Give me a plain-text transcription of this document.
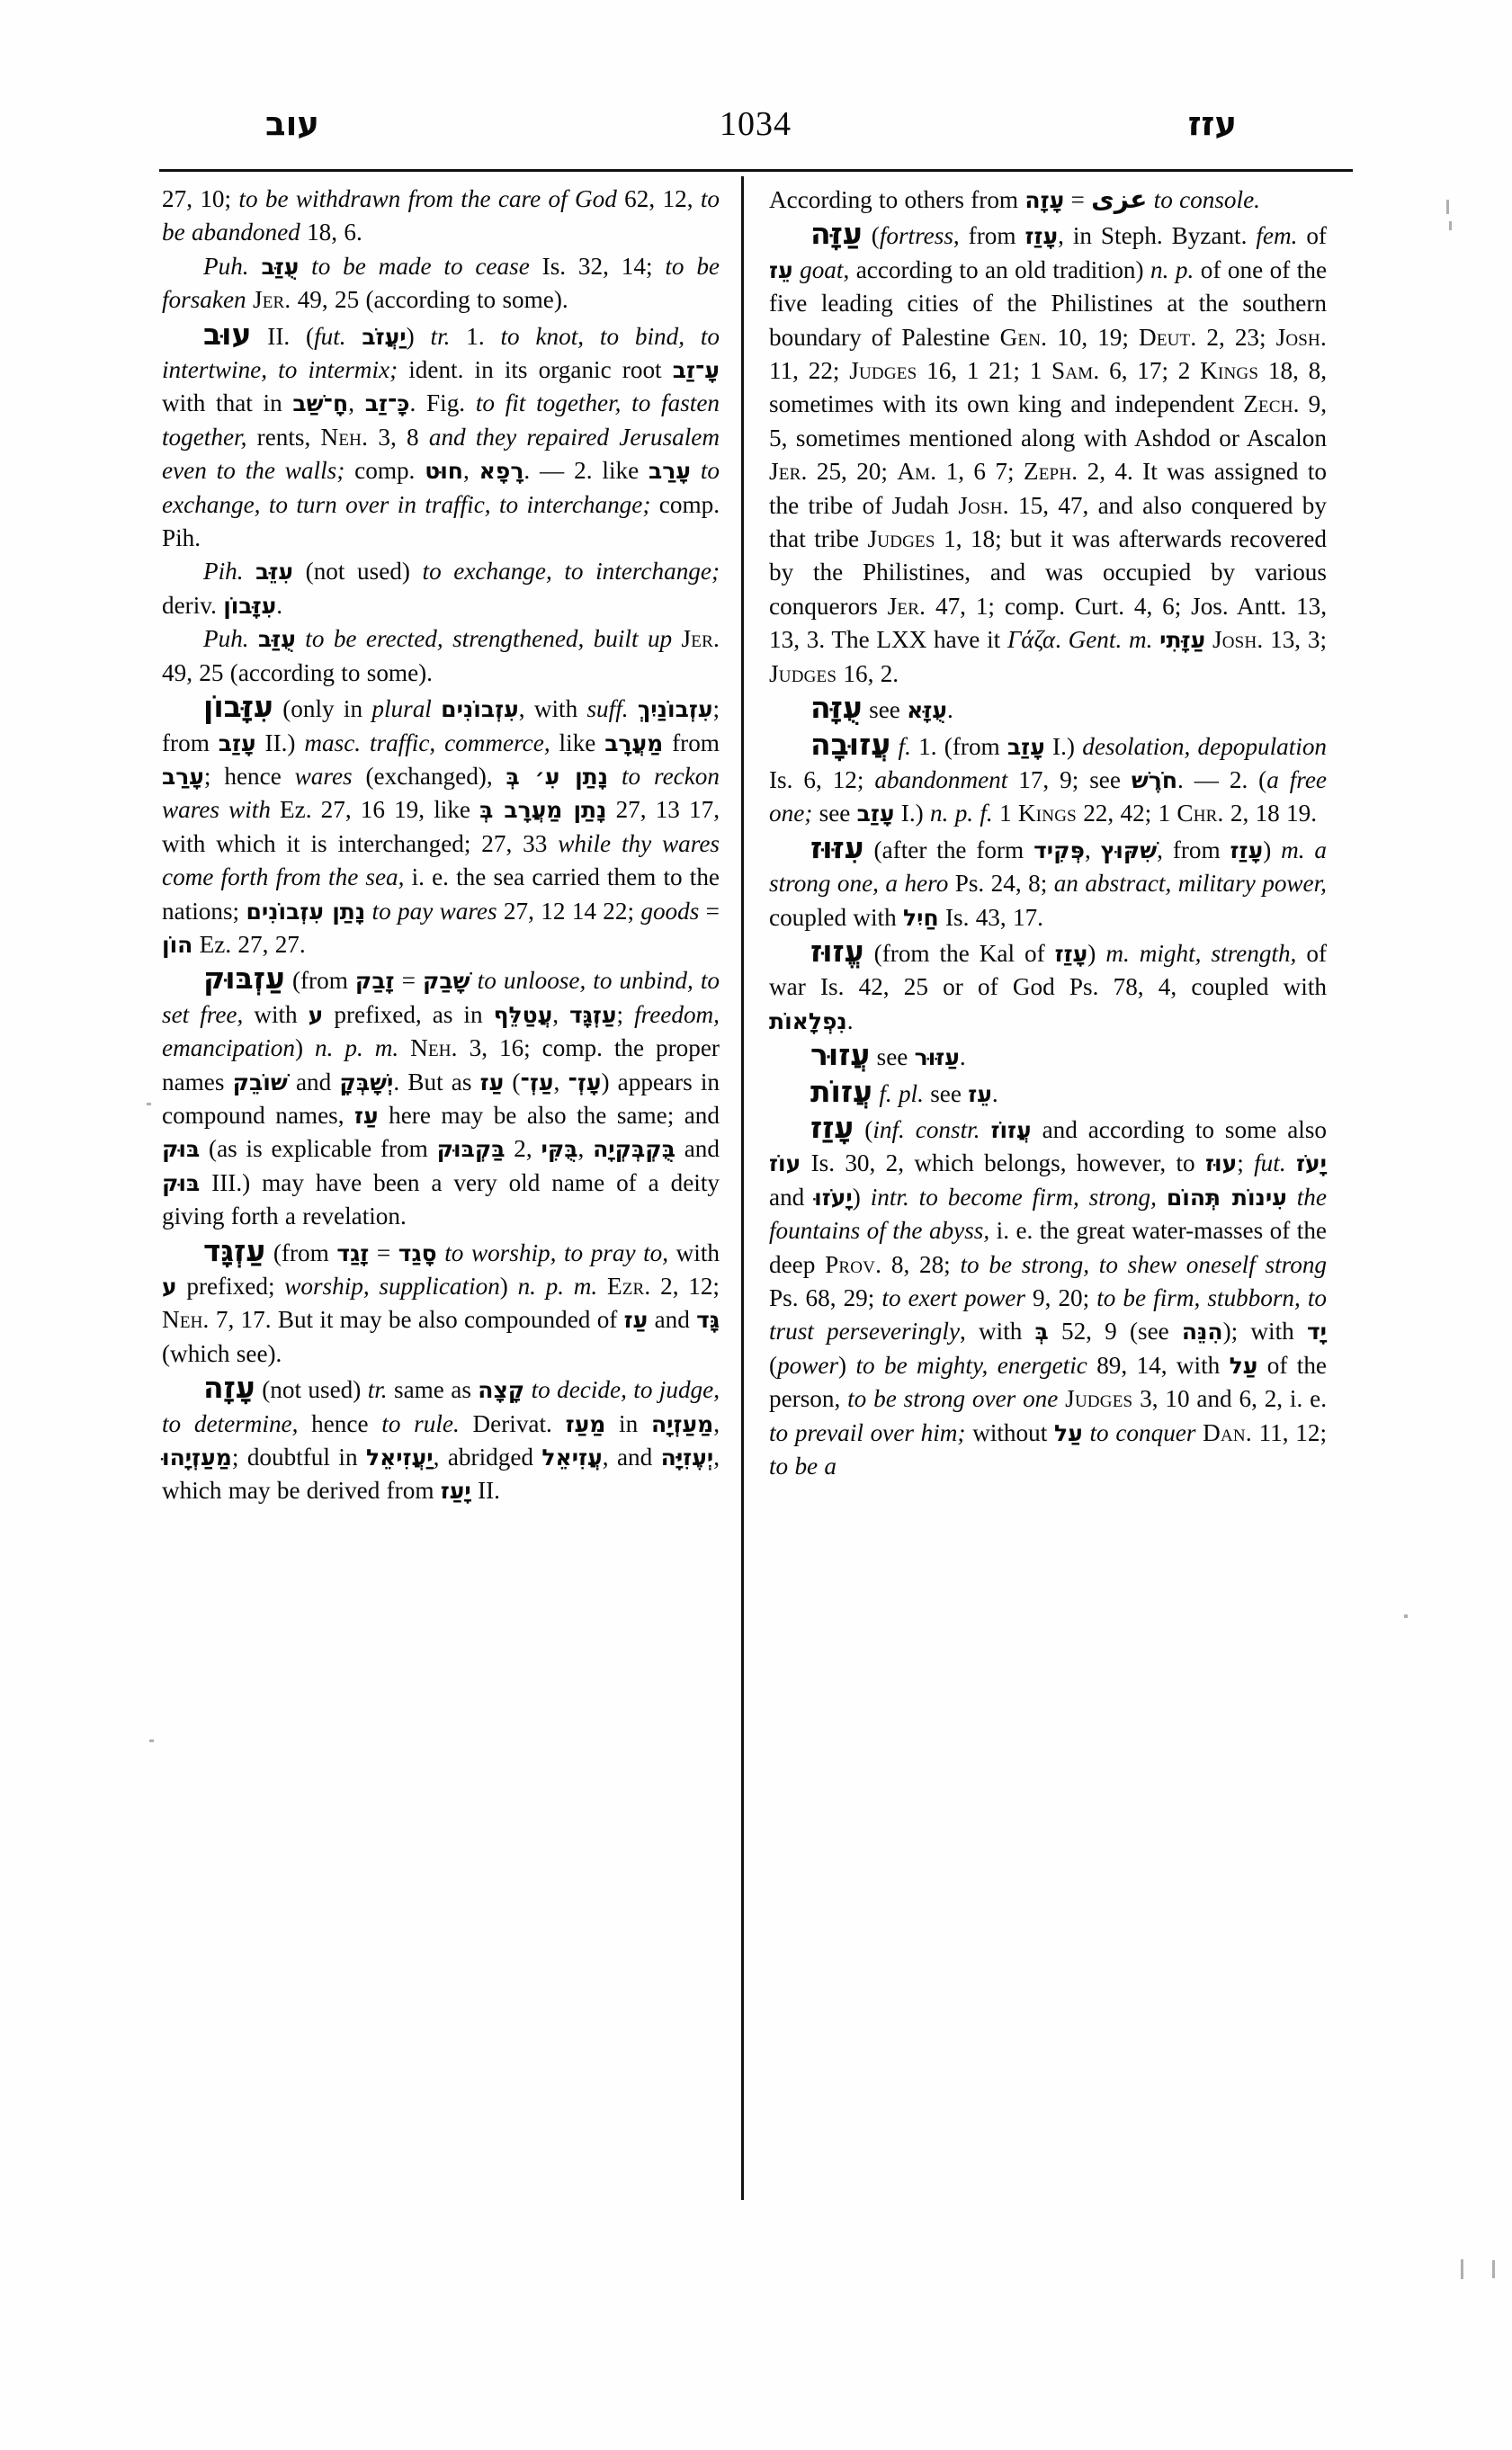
עוב	1034	עזז

27, 10; to be withdrawn from the care of God 62, 12, to be abandoned 18, 6.

Puh. עֻזַּב to be made to cease Is. 32, 14; to be forsaken Jer. 49, 25 (according to some).

עוּב II. (fut. יַעֲזֹב) tr. 1. to knot, to bind, to intertwine, to intermix; ident. in its organic root עָ־זַב with that in חָ־שַׁב, כָּ־זַב. Fig. to fit together, to fasten together, rents, Neh. 3, 8 and they repaired Jerusalem even to the walls; comp. חוּט, רָפָא. — 2. like עָרַב to exchange, to turn over in traffic, to interchange; comp. Pih.

Pih. עִזֵּב (not used) to exchange, to interchange; deriv. עִזָּבוֹן.

Puh. עֻזַּב to be erected, strengthened, built up Jer. 49, 25 (according to some).

עִזָּבוֹן (only in plural עִזְבוֹנִים, with suff. עִזְבוֹנַיִךְ; from עָזַב II.) masc. traffic, commerce, like מַעֲרָב from עָרַב; hence wares (exchanged), נָתַן עִ׳ בְּ to reckon wares with Ez. 27, 16 19, like נָתַן מַעֲרָב בְּ 27, 13 17, with which it is interchanged; 27, 33 while thy wares come forth from the sea, i. e. the sea carried them to the nations; נָתַן עִזְבוֹנִים to pay wares 27, 12 14 22; goods = הוֹן Ez. 27, 27.

עַזְבּוּק (from זָבַק = שָׁבַק to unloose, to unbind, to set free, with ע prefixed, as in עֲטַלֵּף, עַזְגָּד; freedom, emancipation) n. p. m. Neh. 3, 16; comp. the proper names שׁוֹבֵק and יְשָׁבְּקָ. But as עַז (עַזְ־, עָזְ־) appears in compound names, עַז here may be also the same; and בּוּק (as is explicable from בַּקְבּוּק 2, בֻּקִּי, בֻּקְבְּקְיָה and בּוּק III.) may have been a very old name of a deity giving forth a revelation.

עַזְגָּד (from זָגַד = סָגַד to worship, to pray to, with ע prefixed; worship, supplication) n. p. m. Ezr. 2, 12; Neh. 7, 17. But it may be also compounded of עַז and גָּד (which see).

עָזָה (not used) tr. same as קָצָה to decide, to judge, to determine, hence to rule. Derivat. מַעַז in מַעַזְיָה, מַעַזְיָהוּ; doubtful in יַעֲזִיאֵל, abridged עֲזִיאֵל, and יְעֶזִיָּה, which may be derived from יָעַז II.

According to others from עָזָה = عزى to console.

עַזָּה (fortress, from עָזַז, in Steph. Byzant. fem. of עֵז goat, according to an old tradition) n. p. of one of the five leading cities of the Philistines at the southern boundary of Palestine Gen. 10, 19; Deut. 2, 23; Josh. 11, 22; Judges 16, 1 21; 1 Sam. 6, 17; 2 Kings 18, 8, sometimes with its own king and independent Zech. 9, 5, sometimes mentioned along with Ashdod or Ascalon Jer. 25, 20; Am. 1, 6 7; Zeph. 2, 4. It was assigned to the tribe of Judah Josh. 15, 47, and also conquered by that tribe Judges 1, 18; but it was afterwards recovered by the Philistines, and was occupied by various conquerors Jer. 47, 1; comp. Curt. 4, 6; Jos. Antt. 13, 13, 3. The LXX have it Γάζα. Gent. m. עַזָּתִי Josh. 13, 3; Judges 16, 2.

עֻזָּה see עֻזָּא.

עֲזוּבָה f. 1. (from עָזַב I.) desolation, depopulation Is. 6, 12; abandonment 17, 9; see חֹרֶשׁ. — 2. (a free one; see עָזַב I.) n. p. f. 1 Kings 22, 42; 1 Chr. 2, 18 19.

עִזּוּז (after the form פְּקִיד, שִׁקּוּץ, from עָזַז) m. a strong one, a hero Ps. 24, 8; an abstract, military power, coupled with חַיִל Is. 43, 17.

עֱזוּז (from the Kal of עָזַז) m. might, strength, of war Is. 42, 25 or of God Ps. 78, 4, coupled with נִפְלָאוֹת.

עֲזוּר see עַזּוּר.

עֲזוֹת f. pl. see עֵז.

עָזַז (inf. constr. עֲזוֹז and according to some also עוֹז Is. 30, 2, which belongs, however, to עוּז; fut. יָעֹז and יָעֹזוּ) intr. to become firm, strong, עִינוֹת תְּהוֹם the fountains of the abyss, i. e. the great water-masses of the deep Prov. 8, 28; to be strong, to shew oneself strong Ps. 68, 29; to exert power 9, 20; to be firm, stubborn, to trust perseveringly, with בְּ 52, 9 (see הִנֵּה); with יָד (power) to be mighty, energetic 89, 14, with עַל of the person, to be strong over one Judges 3, 10 and 6, 2, i. e. to prevail over him; without עַל to conquer Dan. 11, 12; to be a
